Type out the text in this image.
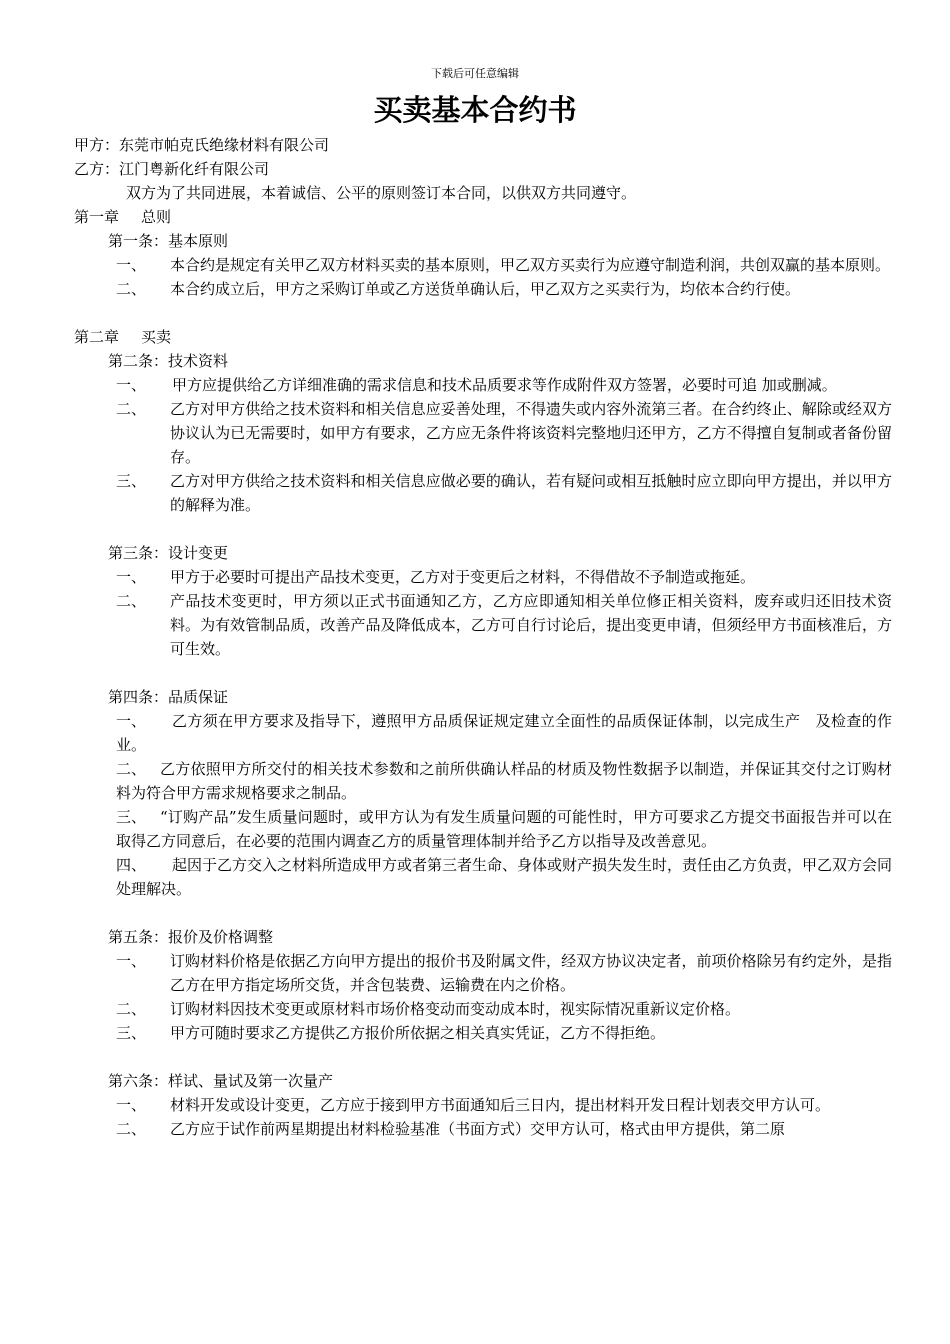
下载后可任意编辑
买卖基本合约书
甲方：东莞市帕克氏绝缘材料有限公司
乙方：江门粤新化纤有限公司
双方为了共同进展，本着诚信、公平的原则签订本合同，以供双方共同遵守。
第一章 总则
第一条：基本原则
一、 本合约是规定有关甲乙双方材料买卖的基本原则，甲乙双方买卖行为应遵守制造利润，共创双赢的基本原则。
二、 本合约成立后，甲方之采购订单或乙方送货单确认后，甲乙双方之买卖行为，均依本合约行使。
第二章 买卖
第二条：技术资料
一、	甲方应提供给乙方详细准确的需求信息和技术品质要求等作成附件双方签署，必要时可追 加或删减。
二、 乙方对甲方供给之技术资料和相关信息应妥善处理，不得遗失或内容外流第三者。在合约终止、解除或经双方协议认为已无需要时，如甲方有要求，乙方应无条件将该资料完整地归还甲方，乙方不得擅自复制或者备份留存。
三、 乙方对甲方供给之技术资料和相关信息应做必要的确认，若有疑问或相互抵触时应立即向甲方提出，并以甲方的解释为准。
第三条：设计变更
一、 甲方于必要时可提出产品技术变更，乙方对于变更后之材料，不得借故不予制造或拖延。
二、 产品技术变更时，甲方须以正式书面通知乙方，乙方应即通知相关单位修正相关资料，废弃或归还旧技术资料。为有效管制品质，改善产品及降低成本，乙方可自行讨论后，提出变更申请，但须经甲方书面核准后，方可生效。
第四条：品质保证
一、	乙方须在甲方要求及指导下，遵照甲方品质保证规定建立全面性的品质保证体制，以完成生产　及检查的作业。
二、 乙方依照甲方所交付的相关技术参数和之前所供确认样品的材质及物性数据予以制造，并保证其交付之订购材料为符合甲方需求规格要求之制品。
三、 “订购产品”发生质量问题时，或甲方认为有发生质量问题的可能性时，甲方可要求乙方提交书面报告并可以在取得乙方同意后，在必要的范围内调查乙方的质量管理体制并给予乙方以指导及改善意见。
四、	起因于乙方交入之材料所造成甲方或者第三者生命、身体或财产损失发生时，责任由乙方负责，甲乙双方会同处理解决。
第五条：报价及价格调整
一、 订购材料价格是依据乙方向甲方提出的报价书及附属文件，经双方协议决定者，前项价格除另有约定外，是指乙方在甲方指定场所交货，并含包装费、运输费在内之价格。
二、 订购材料因技术变更或原材料市场价格变动而变动成本时，视实际情况重新议定价格。
三、 甲方可随时要求乙方提供乙方报价所依据之相关真实凭证，乙方不得拒绝。
第六条：样试、量试及第一次量产
一、 材料开发或设计变更，乙方应于接到甲方书面通知后三日内，提出材料开发日程计划表交甲方认可。
二、 乙方应于试作前两星期提出材料检验基准（书面方式）交甲方认可，格式由甲方提供，第二原
